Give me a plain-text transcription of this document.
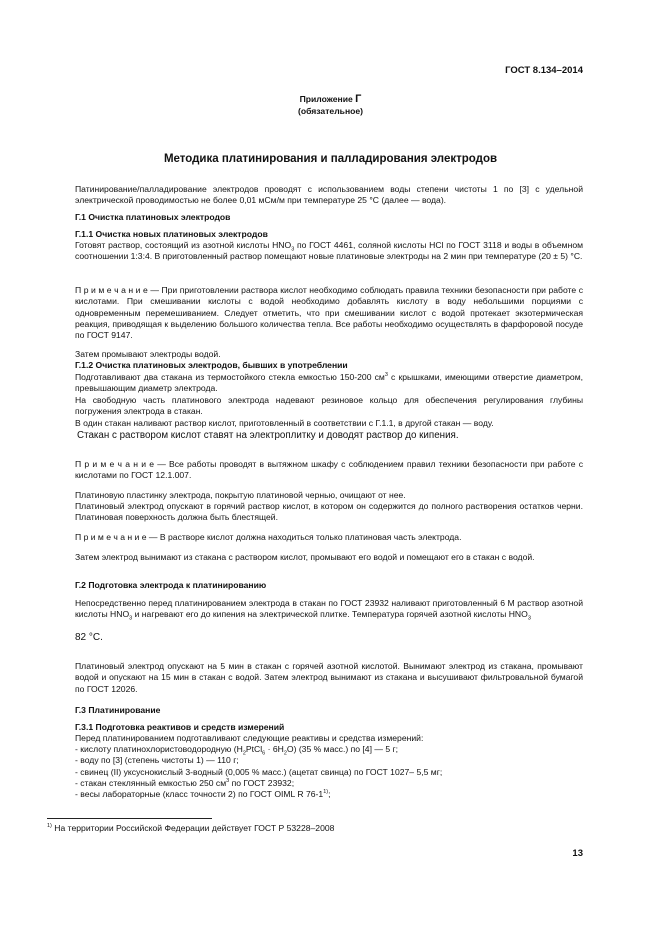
ГОСТ 8.134–2014
Приложение Г
(обязательное)
Методика платинирования и палладирования электродов

Патинирование/палладирование электродов проводят с использованием воды степени чистоты 1 по [3] с удельной электрической проводимостью не более 0,01 мСм/м при температуре 25 °С (далее — вода).

Г.1 Очистка платиновых электродов
Г.1.1 Очистка новых платиновых электродов

Готовят раствор, состоящий из азотной кислоты $HNO_3$ по ГОСТ 4461, соляной кислоты HCl по ГОСТ 3118 и воды в объемном соотношении 1:3:4. В приготовленный раствор помещают новые платиновые электроды на 2 мин при температуре (20 ± 5) °С.

П р и м е ч а н и е — При приготовлении раствора кислот необходимо соблюдать правила техники безопасности при работе с кислотами. При смешивании кислоты с водой необходимо добавлять кислоту в воду небольшими порциями с одновременным перемешиванием. Следует отметить, что при смешивании кислот с водой протекает экзотермическая реакция, приводящая к выделению большого количества тепла. Все работы необходимо осуществлять в фарфоровой посуде по ГОСТ 9147.

Затем промывают электроды водой.
Г.1.2 Очистка платиновых электродов, бывших в употреблении

Подготавливают два стакана из термостойкого стекла емкостью 150-200 $см^3$ с крышками, имеющими отверстие диаметром, превышающим диаметр электрода.

На свободную часть платинового электрода надевают резиновое кольцо для обеспечения регулирования глубины погружения электрода в стакан.

В один стакан наливают раствор кислот, приготовленный в соответствии с Г.1.1, в другой стакан — воду.

Стакан с раствором кислот ставят на электроплитку и доводят раствор до кипения.

П р и м е ч а н и е — Все работы проводят в вытяжном шкафу с соблюдением правил техники безопасности при работе с кислотами по ГОСТ 12.1.007.

Платиновую пластинку электрода, покрытую платиновой чернью, очищают от нее.

Платиновый электрод опускают в горячий раствор кислот, в котором он содержится до полного растворения остатков черни. Платиновая поверхность должна быть блестящей.

П р и м е ч а н и е — В растворе кислот должна находиться только платиновая часть электрода.

Затем электрод вынимают из стакана с раствором кислот, промывают его водой и помещают его в стакан с водой.

Г.2 Подготовка электрода к платинированию

Непосредственно перед платинированием электрода в стакан по ГОСТ 23932 наливают приготовленный 6 М раствор азотной кислоты $HNO_3$ и нагревают его до кипения на электрической плитке. Температура горячей азотной кислоты $HNO_3$

82 °С.

Платиновый электрод опускают на 5 мин в стакан с горячей азотной кислотой. Вынимают электрод из стакана, промывают водой и опускают на 15 мин в стакан с водой. Затем электрод вынимают из стакана и высушивают фильтровальной бумагой по ГОСТ 12026.

Г.3 Платинирование
Г.3.1 Подготовка реактивов и средств измерений

Перед платинированием подготавливают следующие реактивы и средства измерений:

- кислоту платинохлористоводородную $(H_2PtCl_6 \cdot 6H_2O)$ (35 % масс.) по [4] — 5 г;
- воду по [3] (степень чистоты 1) — 110 г;
- свинец (II) уксуснокислый 3-водный (0,005 % масс.) (ацетат свинца) по ГОСТ 1027– 5,5 мг;
- стакан стеклянный емкостью 250 $см^3$ по ГОСТ 23932;
- весы лабораторные (класс точности 2) по ГОСТ OIML R 76-1$^{1)}$;
$^{1)}$ На территории Российской Федерации действует ГОСТ Р 53228–2008
13
